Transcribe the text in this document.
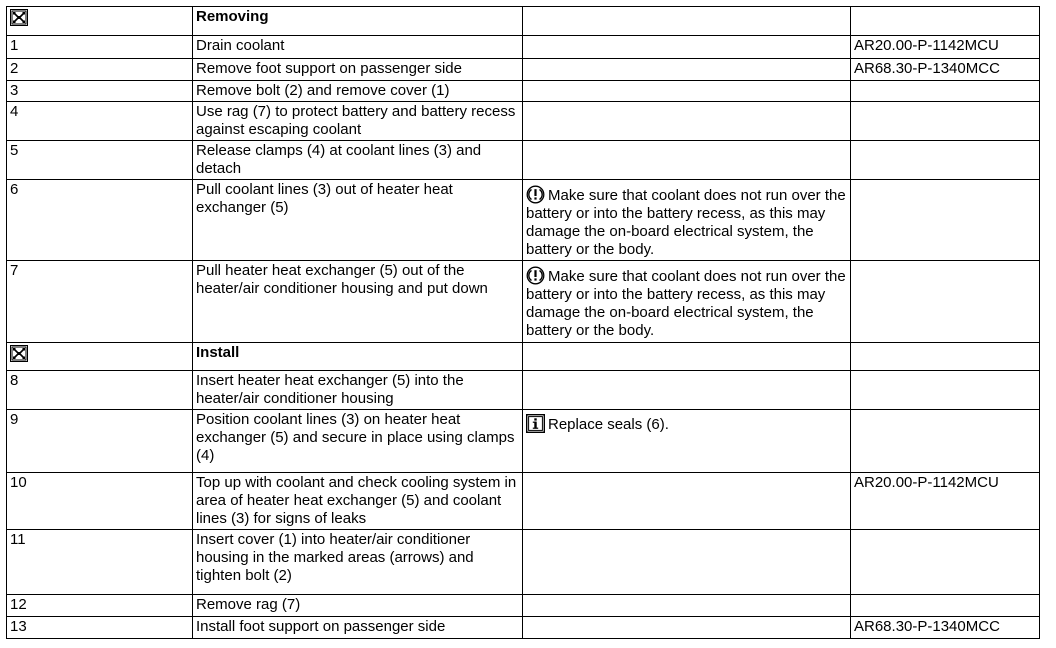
	Removing		
1	Drain coolant		AR20.00-P-1142MCU
2	Remove foot support on passenger side		AR68.30-P-1340MCC
3	Remove bolt (2) and remove cover (1)		
4	Use rag (7) to protect battery and battery recess against escaping coolant		
5	Release clamps (4) at coolant lines (3) and detach		
6	Pull coolant lines (3) out of heater heat exchanger (5)	Make sure that coolant does not run over the battery or into the battery recess, as this may damage the on-board electrical system, the battery or the body.	
7	Pull heater heat exchanger (5) out of the heater/air conditioner housing and put down	Make sure that coolant does not run over the battery or into the battery recess, as this may damage the on-board electrical system, the battery or the body.	
	Install		
8	Insert heater heat exchanger (5) into the heater/air conditioner housing		
9	Position coolant lines (3) on heater heat exchanger (5) and secure in place using clamps (4)	Replace seals (6).	
10	Top up with coolant and check cooling system in area of heater heat exchanger (5) and coolant lines (3) for signs of leaks		AR20.00-P-1142MCU
11	Insert cover (1) into heater/air conditioner housing in the marked areas (arrows) and tighten bolt (2)		
12	Remove rag (7)		
13	Install foot support on passenger side		AR68.30-P-1340MCC
